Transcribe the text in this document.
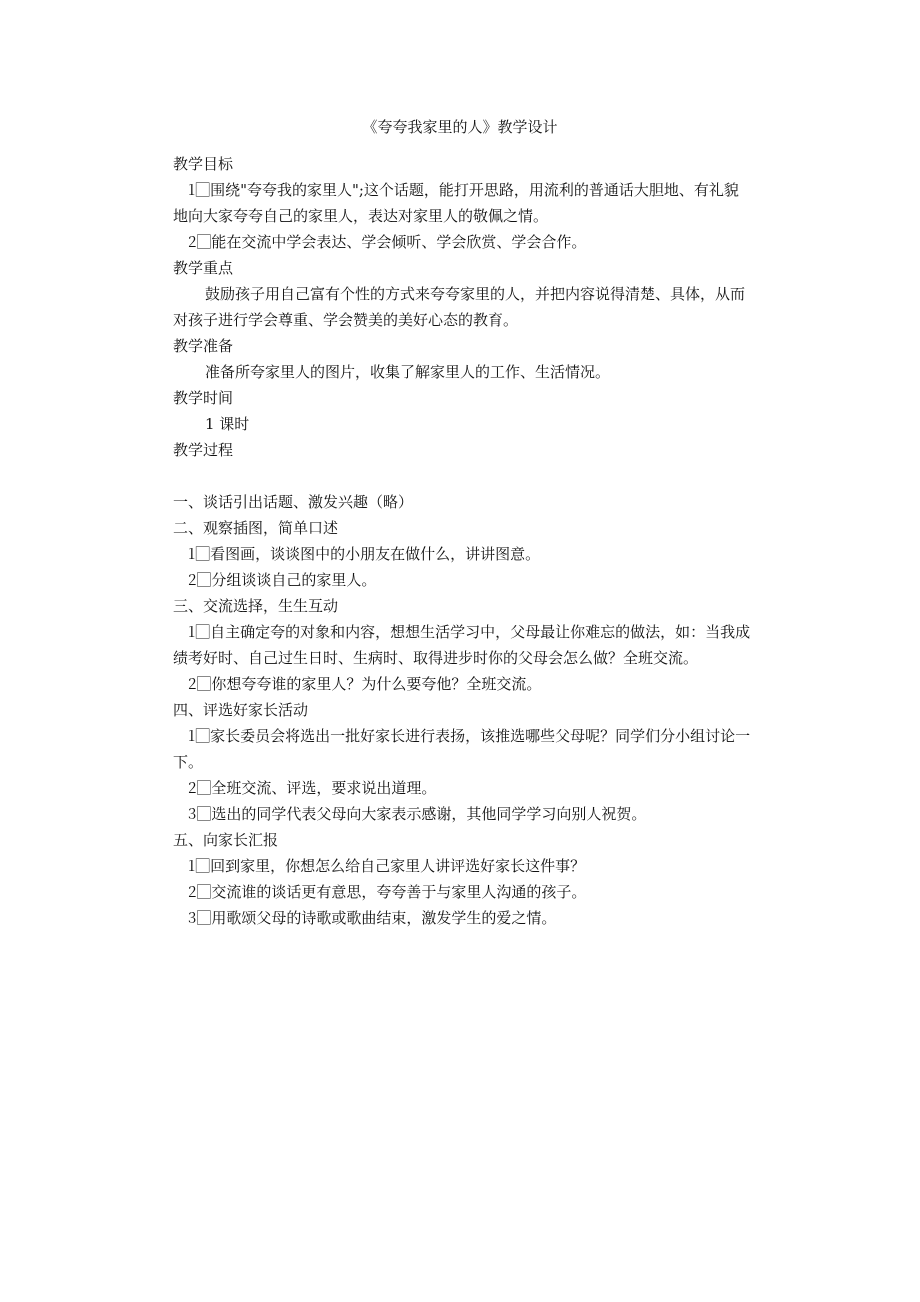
《夸夸我家里的人》教学设计
教学目标
1⃞围绕"夸夸我的家里人";这个话题，能打开思路，用流利的普通话大胆地、有礼貌
地向大家夸夸自己的家里人，表达对家里人的敬佩之情。
2⃞能在交流中学会表达、学会倾听、学会欣赏、学会合作。
教学重点
鼓励孩子用自己富有个性的方式来夸夸家里的人，并把内容说得清楚、具体，从而
对孩子进行学会尊重、学会赞美的美好心态的教育。
教学准备
准备所夸家里人的图片，收集了解家里人的工作、生活情况。
教学时间
1 课时
教学过程
一、谈话引出话题、激发兴趣（略）
二、观察插图，简单口述
1⃞看图画，谈谈图中的小朋友在做什么，讲讲图意。
2⃞分组谈谈自己的家里人。
三、交流选择，生生互动
1⃞自主确定夸的对象和内容，想想生活学习中，父母最让你难忘的做法，如：当我成
绩考好时、自己过生日时、生病时、取得进步时你的父母会怎么做？全班交流。
2⃞你想夸夸谁的家里人？为什么要夸他？全班交流。
四、评选好家长活动
1⃞家长委员会将选出一批好家长进行表扬，该推选哪些父母呢？同学们分小组讨论一
下。
2⃞全班交流、评选，要求说出道理。
3⃞选出的同学代表父母向大家表示感谢，其他同学学习向别人祝贺。
五、向家长汇报
1⃞回到家里，你想怎么给自己家里人讲评选好家长这件事？
2⃞交流谁的谈话更有意思，夸夸善于与家里人沟通的孩子。
3⃞用歌颂父母的诗歌或歌曲结束，激发学生的爱之情。
